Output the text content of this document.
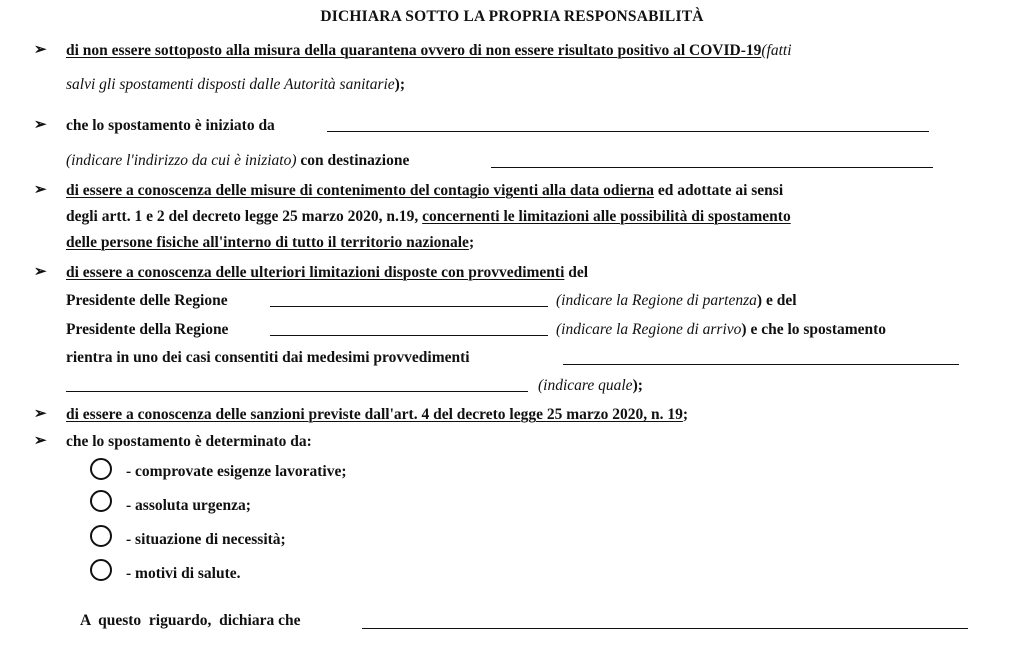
DICHIARA SOTTO LA PROPRIA RESPONSABILITÀ
➢ di non essere sottoposto alla misura della quarantena ovvero di non essere risultato positivo al COVID-19(fatti
salvi gli spostamenti disposti dalle Autorità sanitarie);
➢ che lo spostamento è iniziato da
(indicare l'indirizzo da cui è iniziato) con destinazione
➢ di essere a conoscenza delle misure di contenimento del contagio vigenti alla data odierna ed adottate ai sensi
degli artt. 1 e 2 del decreto legge 25 marzo 2020, n.19, concernenti le limitazioni alle possibilità di spostamento
delle persone fisiche all'interno di tutto il territorio nazionale;
➢ di essere a conoscenza delle ulteriori limitazioni disposte con provvedimenti del
Presidente delle Regione	(indicare la Regione di partenza) e del
Presidente della Regione	(indicare la Regione di arrivo) e che lo spostamento
rientra in uno dei casi consentiti dai medesimi provvedimenti
(indicare quale);
➢ di essere a conoscenza delle sanzioni previste dall'art. 4 del decreto legge 25 marzo 2020, n. 19;
➢ che lo spostamento è determinato da:
- comprovate esigenze lavorative;
- assoluta urgenza;
- situazione di necessità;
- motivi di salute.
A  questo  riguardo,  dichiara che
